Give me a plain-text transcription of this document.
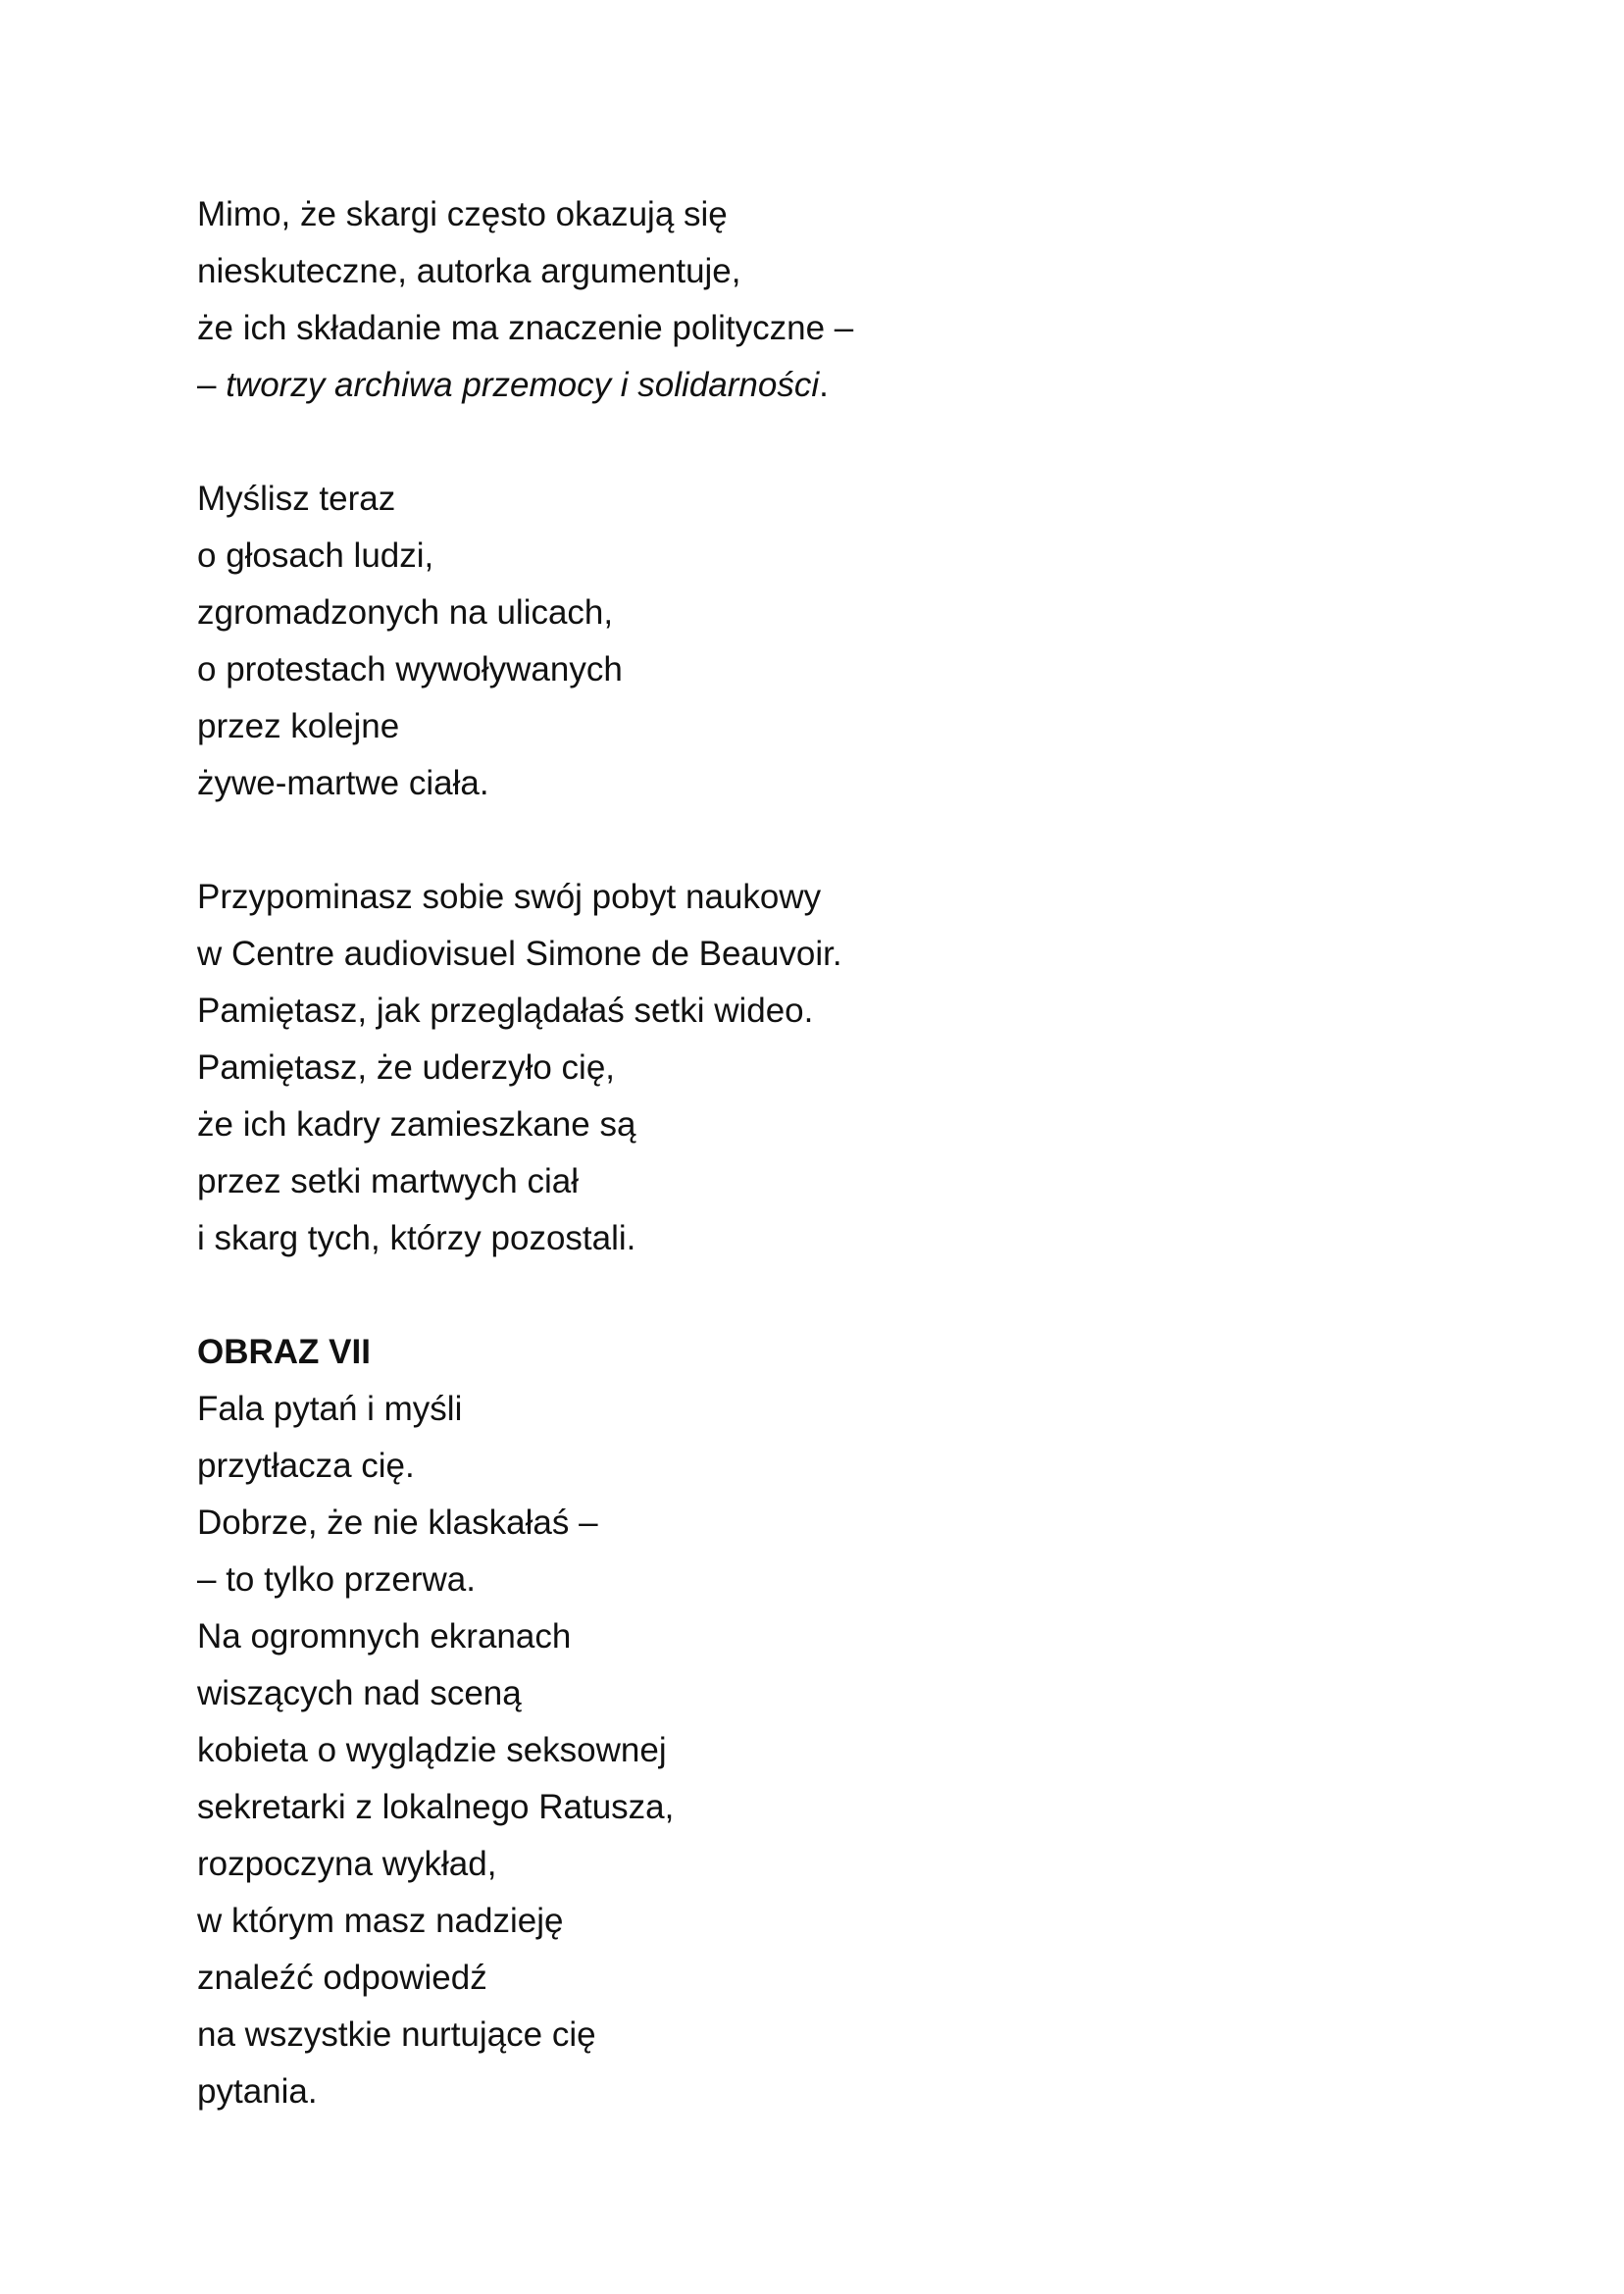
Mimo, że skargi często okazują się
nieskuteczne, autorka argumentuje,
że ich składanie ma znaczenie polityczne –
– tworzy archiwa przemocy i solidarności.
Myślisz teraz
o głosach ludzi,
zgromadzonych na ulicach,
o protestach wywoływanych
przez kolejne
żywe-martwe ciała.
Przypominasz sobie swój pobyt naukowy
w Centre audiovisuel Simone de Beauvoir.
Pamiętasz, jak przeglądałaś setki wideo.
Pamiętasz, że uderzyło cię,
że ich kadry zamieszkane są
przez setki martwych ciał
i skarg tych, którzy pozostali.
OBRAZ VII
Fala pytań i myśli
przytłacza cię.
Dobrze, że nie klaskałaś –
– to tylko przerwa.
Na ogromnych ekranach
wiszących nad sceną
kobieta o wyglądzie seksownej
sekretarki z lokalnego Ratusza,
rozpoczyna wykład,
w którym masz nadzieję
znaleźć odpowiedź
na wszystkie nurtujące cię
pytania.
